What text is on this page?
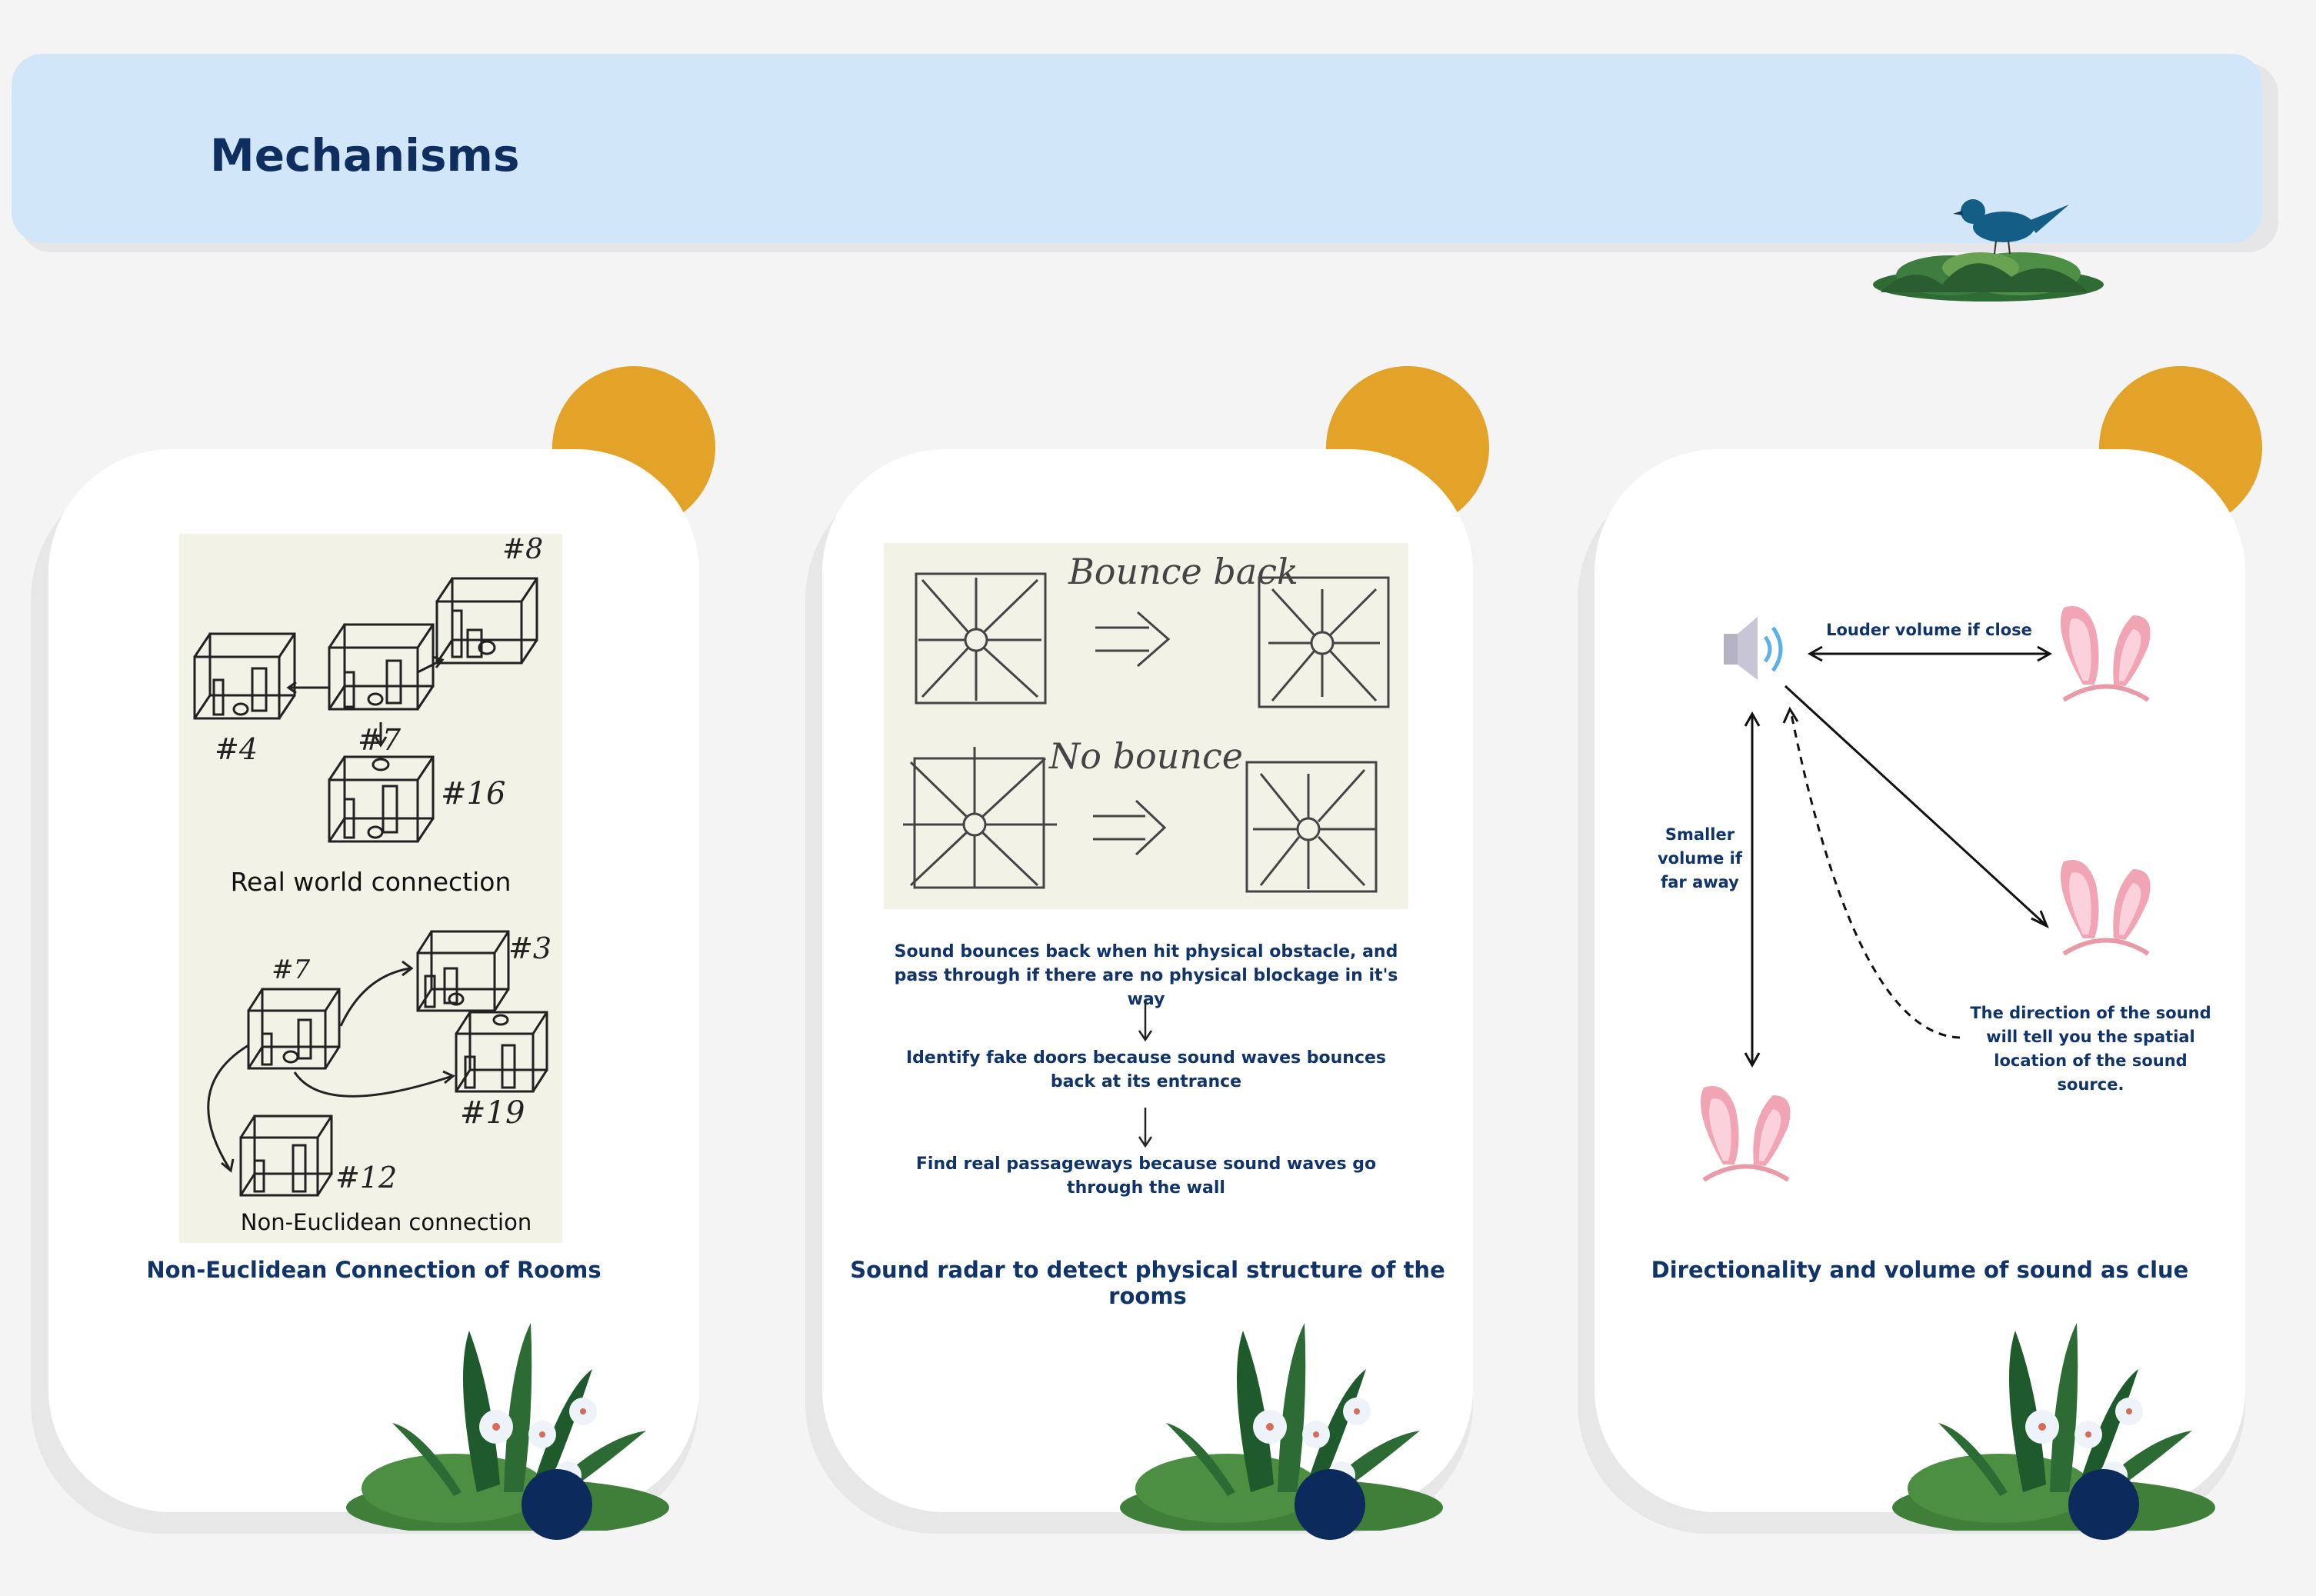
Mechanisms
#4	#7
#8
#16
Real world connection
#7
#3
#19
#12
Non-Euclidean connection
Non-Euclidean Connection of Rooms
Bounce back
No bounce
Sound bounces back when hit physical obstacle, and pass through if there are no physical blockage in it's way
Identify fake doors because sound waves bounces back at its entrance
Find real passageways because sound waves go through the wall
Sound radar to detect physical structure of the rooms
Louder volume if close
Smaller volume if far away
The direction of the sound will tell you the spatial location of the sound source.
Directionality and volume of sound as clue
